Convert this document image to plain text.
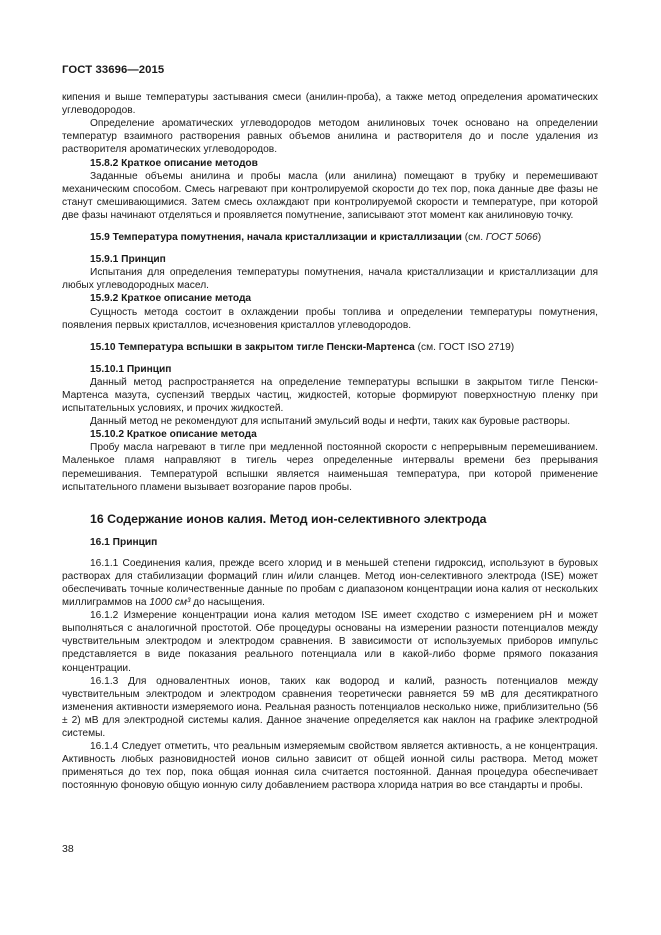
ГОСТ 33696—2015

кипения и выше температуры застывания смеси (анилин-проба), а также метод определения ароматических углеводородов.

Определение ароматических углеводородов методом анилиновых точек основано на определении температур взаимного растворения равных объемов анилина и растворителя до и после удаления из растворителя ароматических углеводородов.

15.8.2 Краткое описание методов

Заданные объемы анилина и пробы масла (или анилина) помещают в трубку и перемешивают механическим способом. Смесь нагревают при контролируемой скорости до тех пор, пока данные две фазы не станут смешивающимися. Затем смесь охлаждают при контролируемой скорости и температуре, при которой две фазы начинают отделяться и проявляется помутнение, записывают этот момент как анилиновую точку.

15.9 Температура помутнения, начала кристаллизации и кристаллизации (см. ГОСТ 5066)

15.9.1 Принцип

Испытания для определения температуры помутнения, начала кристаллизации и кристаллизации для любых углеводородных масел.

15.9.2 Краткое описание метода

Сущность метода состоит в охлаждении пробы топлива и определении температуры помутнения, появления первых кристаллов, исчезновения кристаллов углеводородов.

15.10 Температура вспышки в закрытом тигле Пенски-Мартенса (см. ГОСТ ISO 2719)

15.10.1 Принцип

Данный метод распространяется на определение температуры вспышки в закрытом тигле Пенски-Мартенса мазута, суспензий твердых частиц, жидкостей, которые формируют поверхностную пленку при испытательных условиях, и прочих жидкостей.

Данный метод не рекомендуют для испытаний эмульсий воды и нефти, таких как буровые растворы.

15.10.2 Краткое описание метода

Пробу масла нагревают в тигле при медленной постоянной скорости с непрерывным перемешиванием. Маленькое пламя направляют в тигель через определенные интервалы времени без прерывания перемешивания. Температурой вспышки является наименьшая температура, при которой применение испытательного пламени вызывает возгорание паров пробы.

16 Содержание ионов калия. Метод ион-селективного электрода

16.1 Принцип

16.1.1 Соединения калия, прежде всего хлорид и в меньшей степени гидроксид, используют в буровых растворах для стабилизации формаций глин и/или сланцев. Метод ион-селективного электрода (ISE) может обеспечивать точные количественные данные по пробам с диапазоном концентрации иона калия от нескольких миллиграммов на 1000 см³ до насыщения.

16.1.2 Измерение концентрации иона калия методом ISE имеет сходство с измерением pH и может выполняться с аналогичной простотой. Обе процедуры основаны на измерении разности потенциалов между чувствительным электродом и электродом сравнения. В зависимости от используемых приборов импульс представляется в виде показания реального потенциала или в какой-либо форме прямого показания концентрации.

16.1.3 Для одновалентных ионов, таких как водород и калий, разность потенциалов между чувствительным электродом и электродом сравнения теоретически равняется 59 мВ для десятикратного изменения активности измеряемого иона. Реальная разность потенциалов несколько ниже, приблизительно (56 ± 2) мВ для электродной системы калия. Данное значение определяется как наклон на графике электродной системы.

16.1.4 Следует отметить, что реальным измеряемым свойством является активность, а не концентрация. Активность любых разновидностей ионов сильно зависит от общей ионной силы раствора. Метод может применяться до тех пор, пока общая ионная сила считается постоянной. Данная процедура обеспечивает постоянную фоновую общую ионную силу добавлением раствора хлорида натрия во все стандарты и пробы.

38
